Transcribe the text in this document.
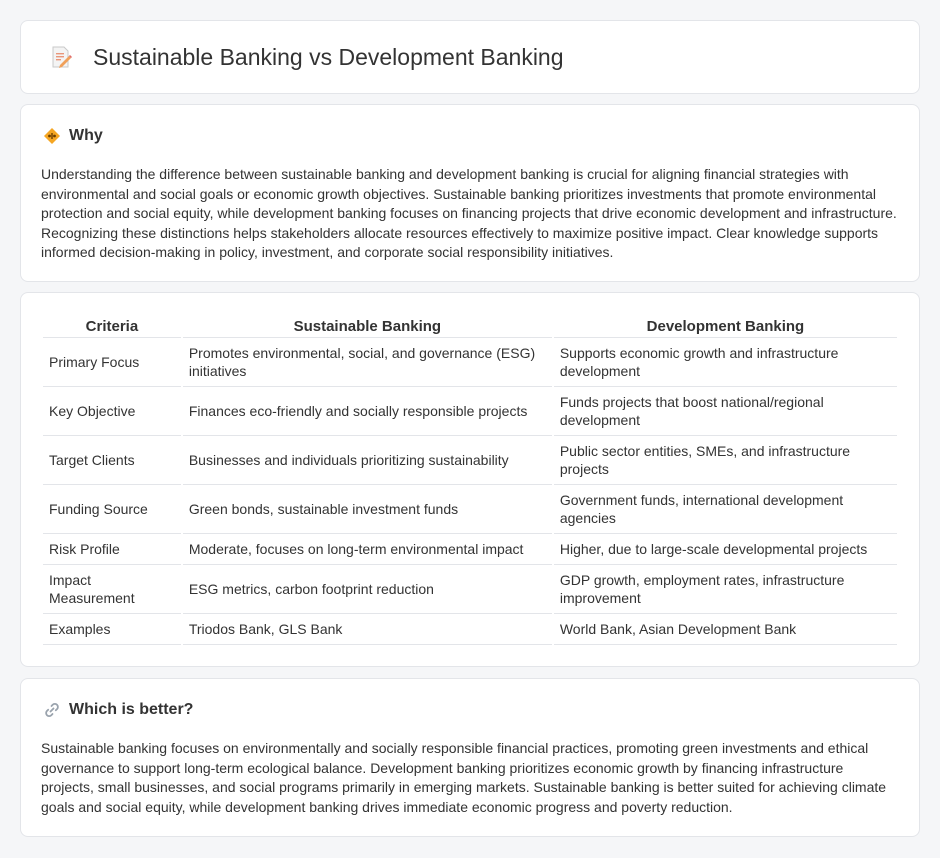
Sustainable Banking vs Development Banking
Why

Understanding the difference between sustainable banking and development banking is crucial for aligning financial strategies with environmental and social goals or economic growth objectives. Sustainable banking prioritizes investments that promote environmental protection and social equity, while development banking focuses on financing projects that drive economic development and infrastructure. Recognizing these distinctions helps stakeholders allocate resources effectively to maximize positive impact. Clear knowledge supports informed decision-making in policy, investment, and corporate social responsibility initiatives.

Criteria	Sustainable Banking	Development Banking
Primary Focus	Promotes environmental, social, and governance (ESG) initiatives	Supports economic growth and infrastructure development
Key Objective	Finances eco-friendly and socially responsible projects	Funds projects that boost national/regional development
Target Clients	Businesses and individuals prioritizing sustainability	Public sector entities, SMEs, and infrastructure projects
Funding Source	Green bonds, sustainable investment funds	Government funds, international development agencies
Risk Profile	Moderate, focuses on long-term environmental impact	Higher, due to large-scale developmental projects
Impact Measurement	ESG metrics, carbon footprint reduction	GDP growth, employment rates, infrastructure improvement
Examples	Triodos Bank, GLS Bank	World Bank, Asian Development Bank
Which is better?

Sustainable banking focuses on environmentally and socially responsible financial practices, promoting green investments and ethical governance to support long-term ecological balance. Development banking prioritizes economic growth by financing infrastructure projects, small businesses, and social programs primarily in emerging markets. Sustainable banking is better suited for achieving climate goals and social equity, while development banking drives immediate economic progress and poverty reduction.
